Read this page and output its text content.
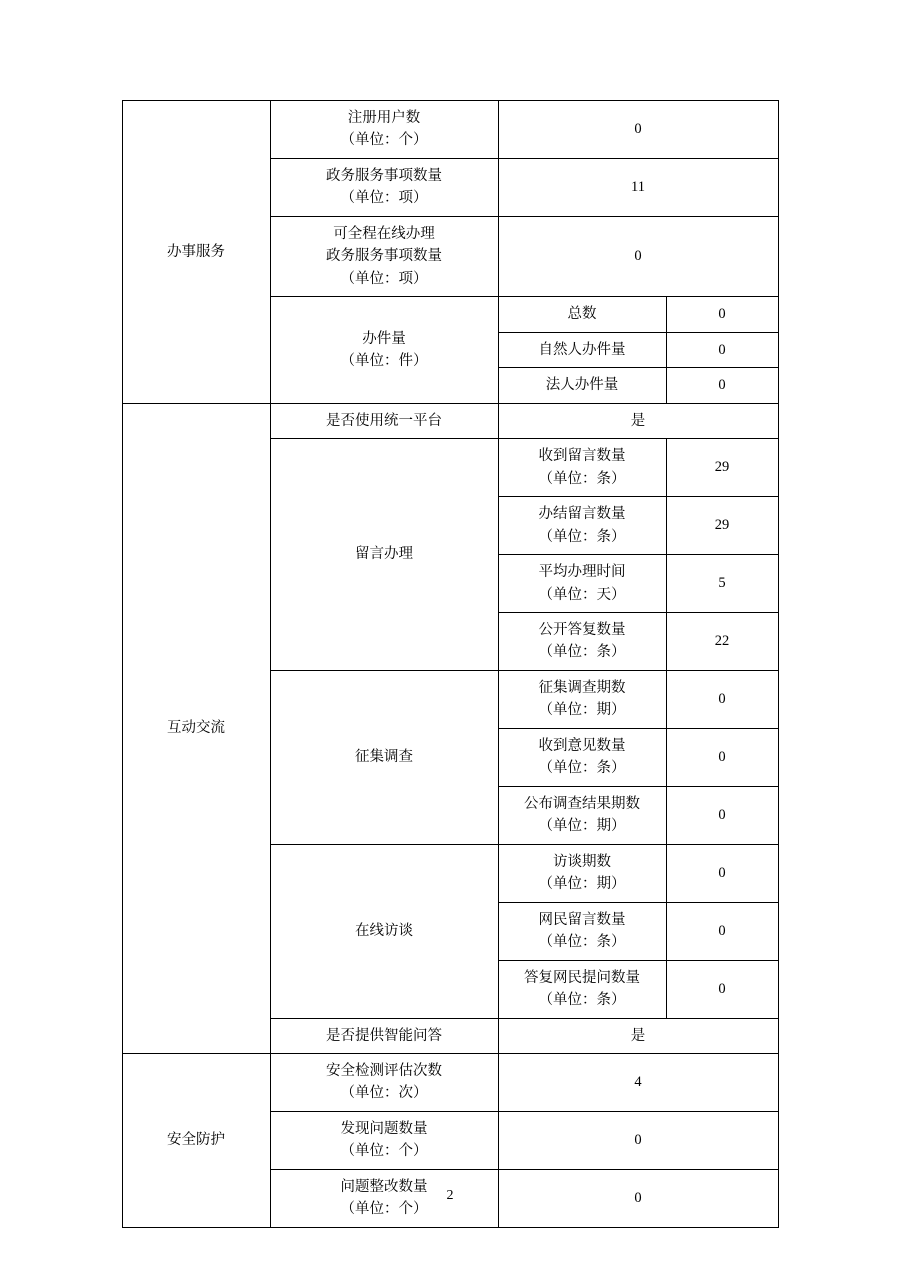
办事服务	注册用户数
（单位：个）	0	

	政务服务事项数量
（单位：项）	11	

	可全程在线办理
政务服务事项数量
（单位：项）	0	

	办件量
（单位：件）	总数	0
		自然人办件量	0
		法人办件量	0
互动交流	是否使用统一平台	是	
	留言办理	收到留言数量
（单位：条）	29

		办结留言数量
（单位：条）	29

		平均办理时间
（单位：天）	5

		公开答复数量
（单位：条）	22
	征集调查	征集调查期数
（单位：期）	0

		收到意见数量
（单位：条）	0

		公布调查结果期数
（单位：期）	0
	在线访谈	访谈期数
（单位：期）	0

		网民留言数量
（单位：条）	0

		答复网民提问数量
（单位：条）	0
	是否提供智能问答	是	
安全防护	安全检测评估次数
（单位：次）	4	

	发现问题数量
（单位：个）	0	

	问题整改数量
（单位：个）	0	
2
